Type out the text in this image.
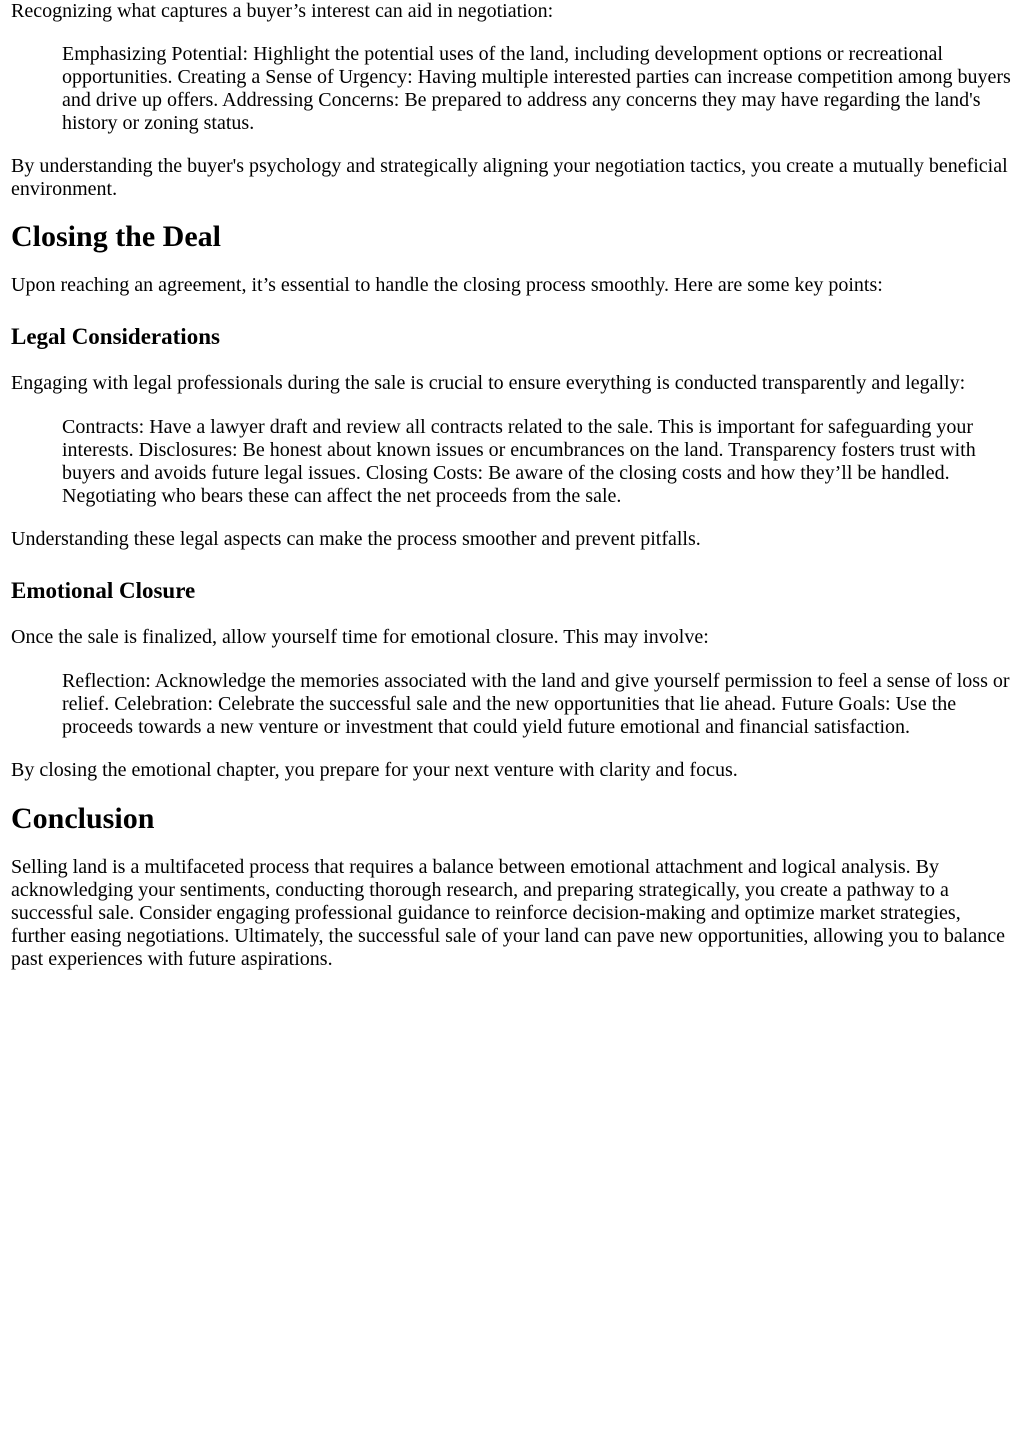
Recognizing what captures a buyer’s interest can aid in negotiation:

Emphasizing Potential: Highlight the potential uses of the land, including development options or recreational opportunities. Creating a Sense of Urgency: Having multiple interested parties can increase competition among buyers and drive up offers. Addressing Concerns: Be prepared to address any concerns they may have regarding the land's history or zoning status.

By understanding the buyer's psychology and strategically aligning your negotiation tactics, you create a mutually beneficial environment.

Closing the Deal

Upon reaching an agreement, it’s essential to handle the closing process smoothly. Here are some key points:

Legal Considerations

Engaging with legal professionals during the sale is crucial to ensure everything is conducted transparently and legally:

Contracts: Have a lawyer draft and review all contracts related to the sale. This is important for safeguarding your interests. Disclosures: Be honest about known issues or encumbrances on the land. Transparency fosters trust with buyers and avoids future legal issues. Closing Costs: Be aware of the closing costs and how they’ll be handled. Negotiating who bears these can affect the net proceeds from the sale.

Understanding these legal aspects can make the process smoother and prevent pitfalls.

Emotional Closure

Once the sale is finalized, allow yourself time for emotional closure. This may involve:

Reflection: Acknowledge the memories associated with the land and give yourself permission to feel a sense of loss or relief. Celebration: Celebrate the successful sale and the new opportunities that lie ahead. Future Goals: Use the proceeds towards a new venture or investment that could yield future emotional and financial satisfaction.

By closing the emotional chapter, you prepare for your next venture with clarity and focus.

Conclusion

Selling land is a multifaceted process that requires a balance between emotional attachment and logical analysis. By acknowledging your sentiments, conducting thorough research, and preparing strategically, you create a pathway to a successful sale. Consider engaging professional guidance to reinforce decision-making and optimize market strategies, further easing negotiations. Ultimately, the successful sale of your land can pave new opportunities, allowing you to balance past experiences with future aspirations.
